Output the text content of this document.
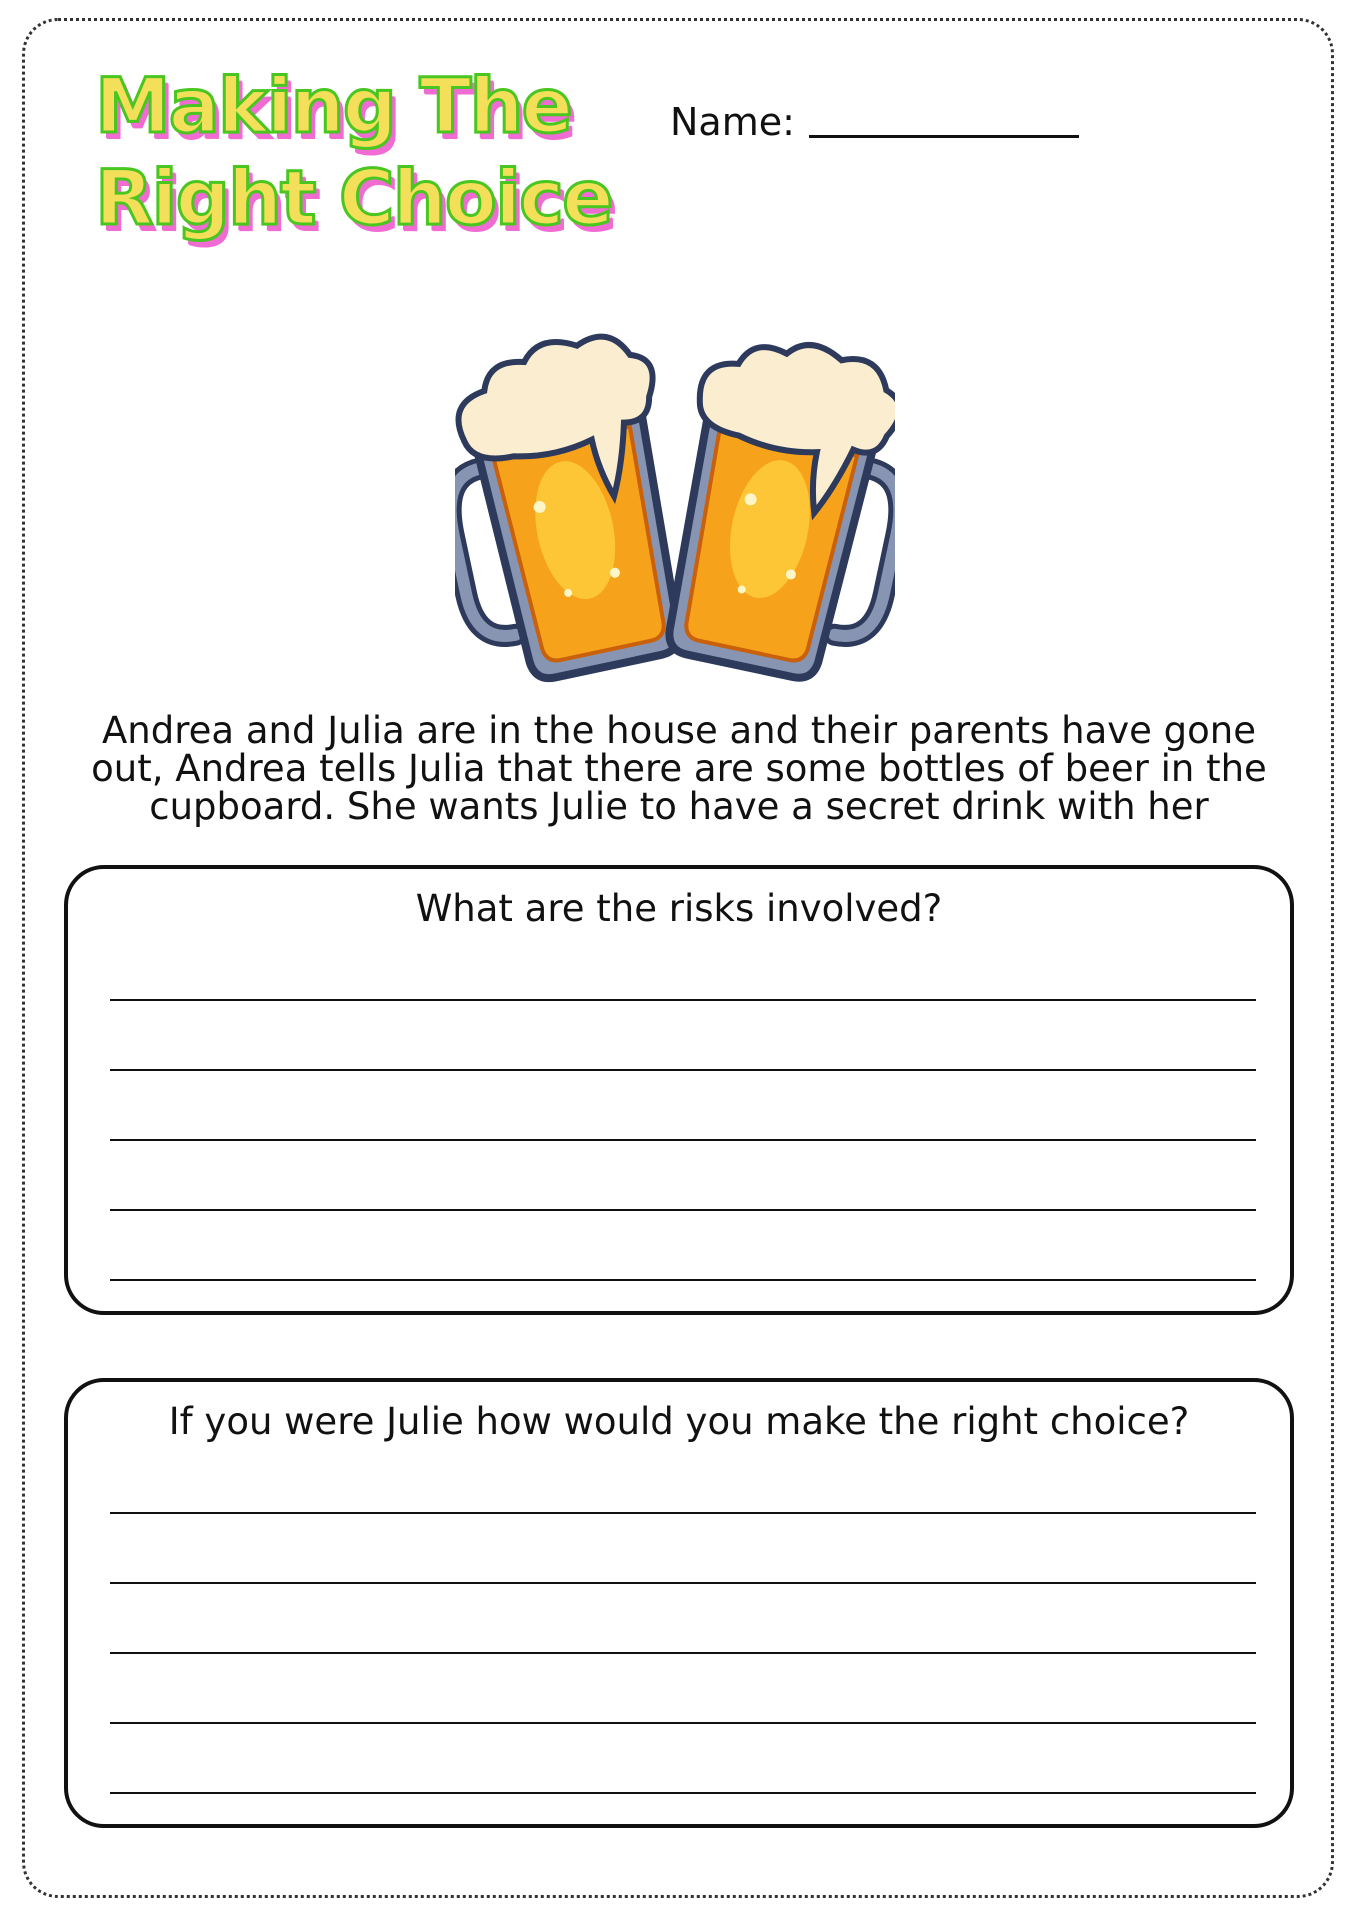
Making The
Right Choice
Name:

Andrea and Julia are in the house and their parents have gone
out, Andrea tells Julia that there are some bottles of beer in the
cupboard. She wants Julie to have a secret drink with her

What are the risks involved?

If you were Julie how would you make the right choice?
